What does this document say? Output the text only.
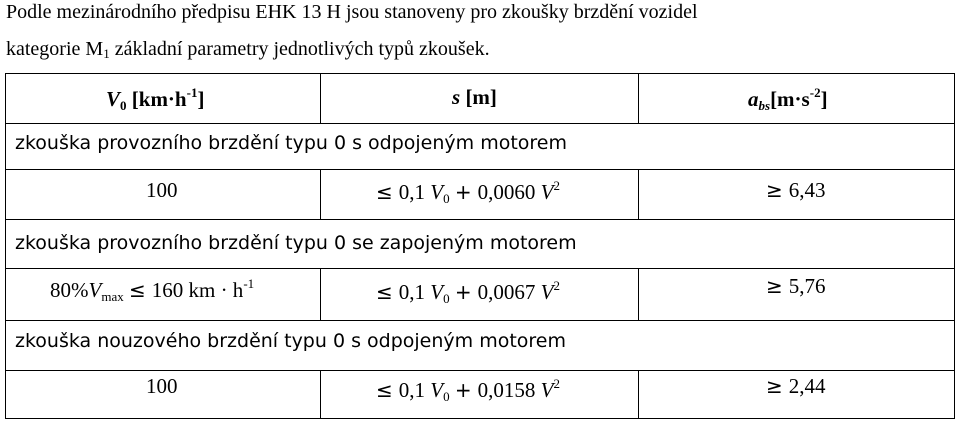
Podle mezinárodního předpisu EHK 13 H jsou stanoveny pro zkoušky brzdění vozidel
kategorie $M_1$ základní parametry jednotlivých typů zkoušek.
V0 $[km\cdot h^{-1}]$	s [m]	$abs[m\cdot s^{-2}]$
zkouška provozního brzdění typu 0 s odpojeným motorem
100	≤ 0,1 V0 + 0,0060 $V^2$	≥ 6,43
zkouška provozního brzdění typu 0 se zapojeným motorem
80%Vmax ≤ 160 km · $h^{-1}$	≤ 0,1 V0 + 0,0067 $V^2$	≥ 5,76
zkouška nouzového brzdění typu 0 s odpojeným motorem
100	≤ 0,1 V0 + 0,0158 $V^2$	≥ 2,44
